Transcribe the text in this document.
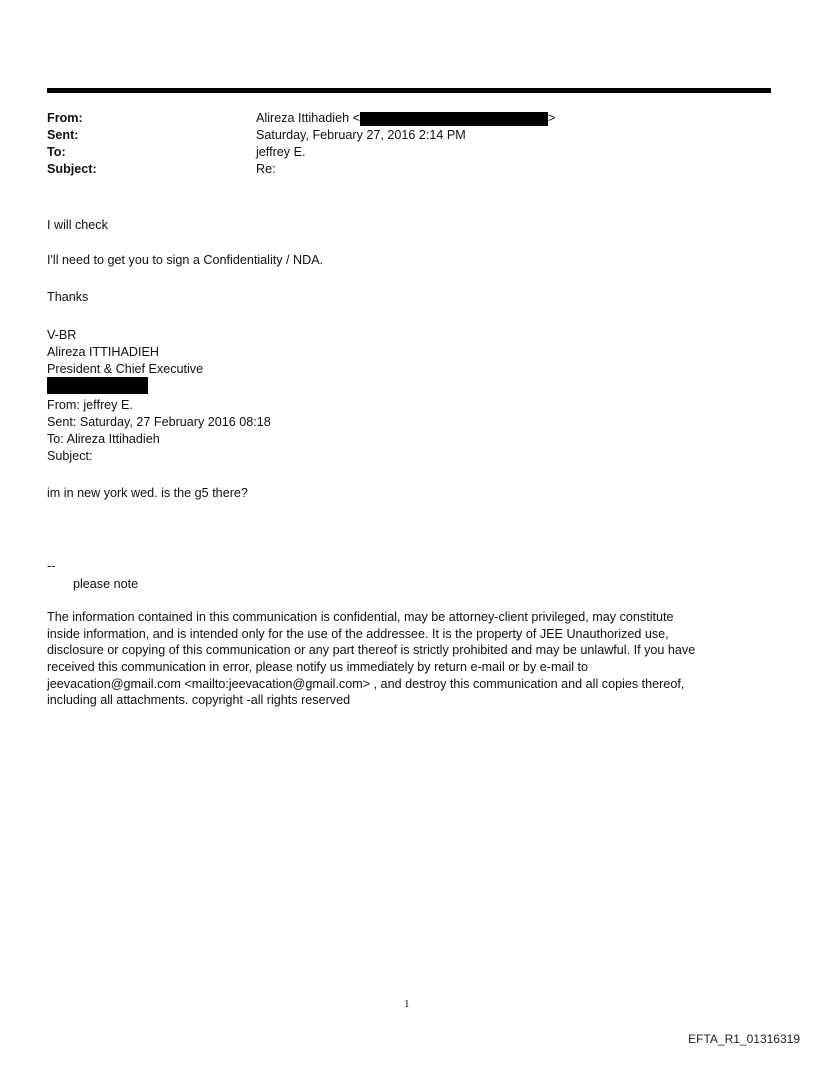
From:	Alireza Ittihadieh <	>
Sent:	Saturday, February 27, 2016 2:14 PM
To:	jeffrey E.
Subject:	Re:
I will check
I'll need to get you to sign a Confidentiality / NDA.
Thanks
V-BR
Alireza ITTIHADIEH
President & Chief Executive
From: jeffrey E.
Sent: Saturday, 27 February 2016 08:18
To: Alireza Ittihadieh
Subject:
im in new york wed. is the g5 there?
--
please note
The information contained in this communication is confidential, may be attorney-client privileged, may constitute
inside information, and is intended only for the use of the addressee. It is the property of JEE Unauthorized use,
disclosure or copying of this communication or any part thereof is strictly prohibited and may be unlawful. If you have
received this communication in error, please notify us immediately by return e-mail or by e-mail to
jeevacation@gmail.com <mailto:jeevacation@gmail.com> , and destroy this communication and all copies thereof,
including all attachments. copyright -all rights reserved
1
EFTA_R1_01316319
